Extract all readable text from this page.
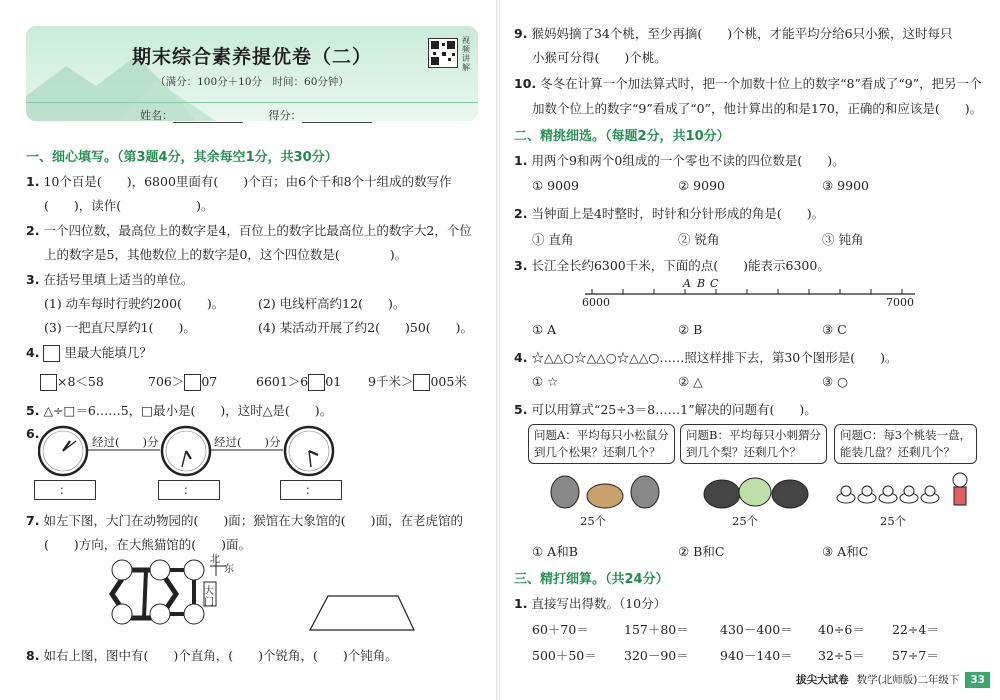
期末综合素养提优卷（二）
（满分：100分＋10分　时间：60分钟）
视频讲解
姓名：	得分：
一、细心填写。（第3题4分，其余每空1分，共30分）
1. 10个百是(　　)，6800里面有(　　)个百；由6个千和8个十组成的数写作
(　　)，读作(　　　　　　)。
2. 一个四位数，最高位上的数字是4，百位上的数字比最高位上的数字大2，个位
上的数字是5，其他数位上的数字是0，这个四位数是(　　　　)。
3. 在括号里填上适当的单位。
(1) 动车每时行驶约200(　　)。	(2) 电线杆高约12(　　)。
(3) 一把直尺厚约1(　　)。	(4) 某活动开展了约2(　　)50(　　)。
4. 里最大能填几？
×8＜58	706＞ 07	6601＞6 01 9千米＞ 005米
5. △÷□＝6……5，□最小是(　　)，这时△是(　　)。
6.
经过(　　)分	经过(　　)分
：	：	：
7. 如左下图，大门在动物园的(　　)面；猴馆在大象馆的(　　)面，在老虎馆的
(　　)方向，在大熊猫馆的(　　)面。
北
东
大门
8. 如右上图，图中有(　　)个直角，(　　)个锐角，(　　)个钝角。
9. 猴妈妈摘了34个桃，至少再摘(　　)个桃，才能平均分给6只小猴，这时每只
小猴可分得(　　)个桃。
10. 冬冬在计算一个加法算式时，把一个加数十位上的数字“8”看成了“9”，把另一个
加数个位上的数字“9”看成了“0”，他计算出的和是170，正确的和应该是(　　)。
二、精挑细选。（每题2分，共10分）
1. 用两个9和两个0组成的一个零也不读的四位数是(　　)。
① 9009	② 9090	③ 9900
2. 当钟面上是4时整时，时针和分针形成的角是(　　)。
① 直角	② 锐角	③ 钝角
3. 长江全长约6300千米，下面的点(　　)能表示6300。
A B C
6000	7000
① A	② B	③ C
4. ☆△△○☆△△○☆△△○……照这样排下去，第30个图形是(　　)。
① ☆	② △	③ ○
5. 可以用算式“25÷3＝8……1”解决的问题有(　　)。
问题A：平均每只小松鼠分
到几个松果？还剩几个？
问题B：平均每只小刺猬分
到几个梨？还剩几个？
问题C：每3个桃装一盘，
能装几盘？还剩几个？
25个	25个	25个
① A和B	② B和C	③ A和C
三、精打细算。（共24分）
1. 直接写出得数。（10分）
60＋70＝	157＋80＝ 430－400＝ 40÷6＝ 22÷4＝
500＋50＝ 320－90＝ 940－140＝ 32÷5＝ 57÷7＝
拔尖大试卷 数学(北师版)二年级下 33
